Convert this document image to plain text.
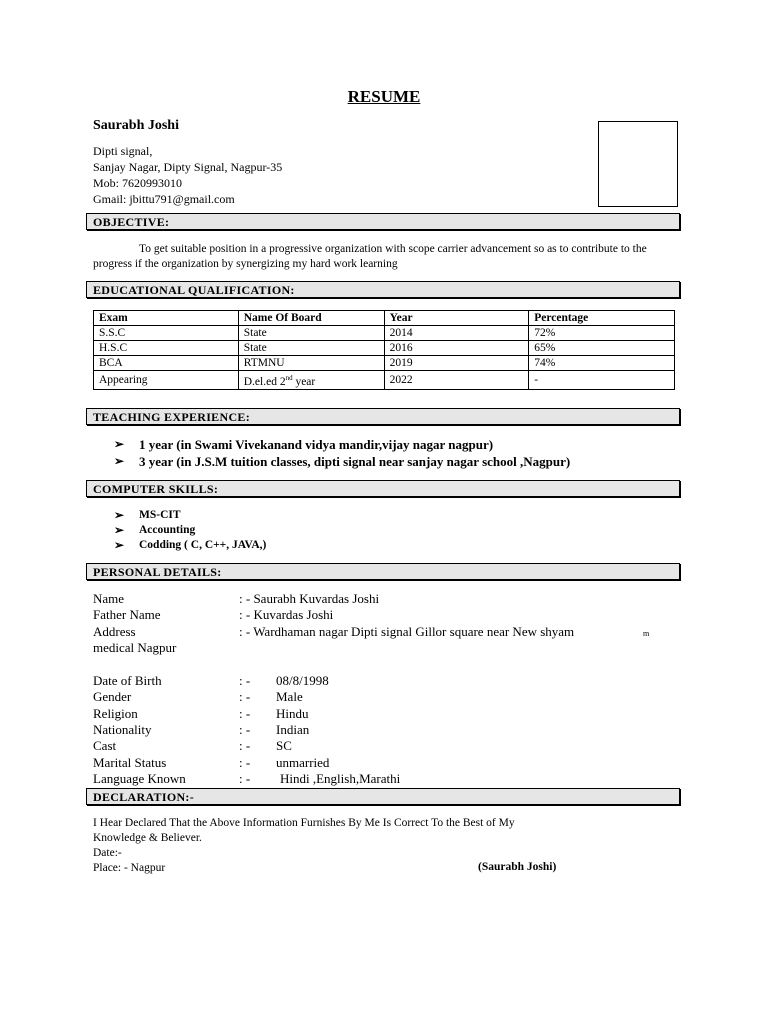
RESUME
Saurabh Joshi
Dipti signal,
Sanjay Nagar, Dipty Signal, Nagpur-35
Mob: 7620993010
Gmail: jbittu791@gmail.com
OBJECTIVE:
To get suitable position in a progressive organization with scope carrier advancement so as to contribute to the progress if the organization by synergizing my hard work learning
EDUCATIONAL QUALIFICATION:
Exam	Name Of Board	Year	Percentage
S.S.C	State	2014	72%
H.S.C	State	2016	65%
BCA	RTMNU	2019	74%
Appearing	D.el.ed 2nd year	2022	-
TEACHING EXPERIENCE:
➢	1 year (in Swami Vivekanand vidya mandir,vijay nagar nagpur)
➢	3 year (in J.S.M tuition classes, dipti signal near sanjay nagar school ,Nagpur)
COMPUTER SKILLS:
➢	MS-CIT
➢	Accounting
➢	Codding ( C, C++, JAVA,)
PERSONAL DETAILS:
Name	: - Saurabh Kuvardas Joshi
Father Name	: - Kuvardas Joshi
Address	: - Wardhaman nagar Dipti signal Gillor square near New shyam
medical Nagpur
Date of Birth	: - 08/8/1998
Gender	: - Male
Religion	: - Hindu
Nationality	: - Indian
Cast	: - SC
Marital Status	: - unmarried
Language Known	: - Hindi ,English,Marathi
m
DECLARATION:-
I Hear Declared That the Above Information Furnishes By Me Is Correct To the Best of My
Knowledge & Believer.
Date:-
Place: - Nagpur	(Saurabh Joshi)
